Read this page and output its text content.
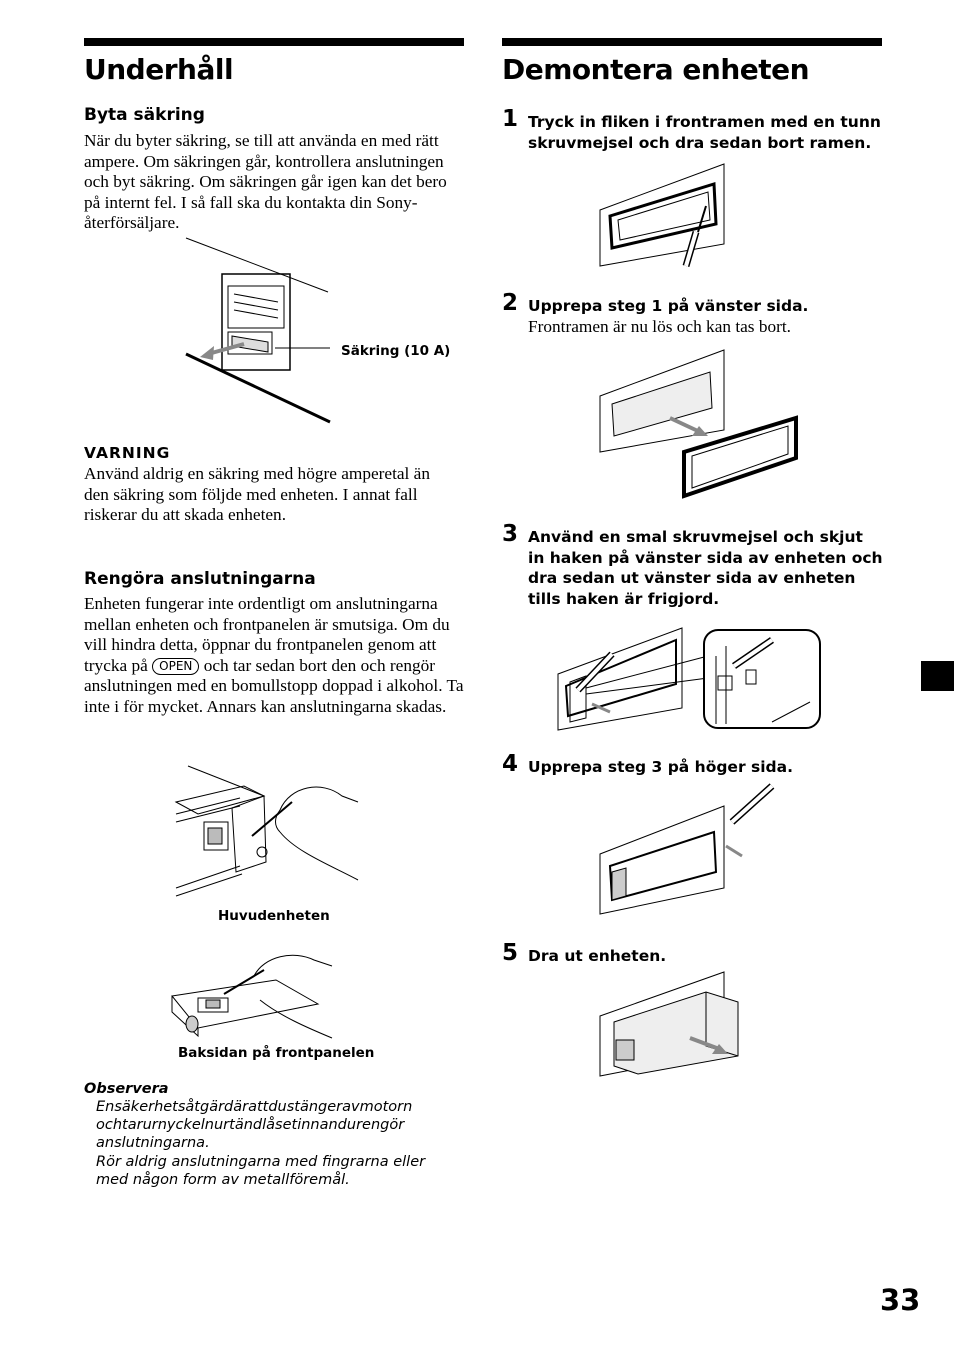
Underhåll
Byta säkring

När du byter säkring, se till att använda en med rätt ampere. Om säkringen går, kontrollera anslutningen och byt säkring. Om säkringen går igen kan det bero på internt fel. I så fall ska du kontakta din Sony-återförsäljare.

Säkring (10 A)
VARNING

Använd aldrig en säkring med högre amperetal än den säkring som följde med enheten. I annat fall riskerar du att skada enheten.

Rengöra anslutningarna

Enheten fungerar inte ordentligt om anslutningarna mellan enheten och frontpanelen är smutsiga. Om du vill hindra detta, öppnar du frontpanelen genom att trycka på OPEN och tar sedan bort den och rengör anslutningen med en bomullstopp doppad i alkohol. Ta inte i för mycket. Annars kan anslutningarna skadas.

Huvudenheten
Baksidan på frontpanelen
Observera
Ensäkerhetsåtgärdärattdustängeravmotorn ochtarurnyckelnurtändlåsetinnandurengör anslutningarna.
Rör aldrig anslutningarna med fingrarna eller med någon form av metallföremål.
Demontera enheten
1 Tryck in fliken i frontramen med en tunn skruvmejsel och dra sedan bort ramen.
2 Upprepa steg 1 på vänster sida.
Frontramen är nu lös och kan tas bort.
3 Använd en smal skruvmejsel och skjut in haken på vänster sida av enheten och dra sedan ut vänster sida av enheten tills haken är frigjord.
4 Upprepa steg 3 på höger sida.
5 Dra ut enheten.
33
